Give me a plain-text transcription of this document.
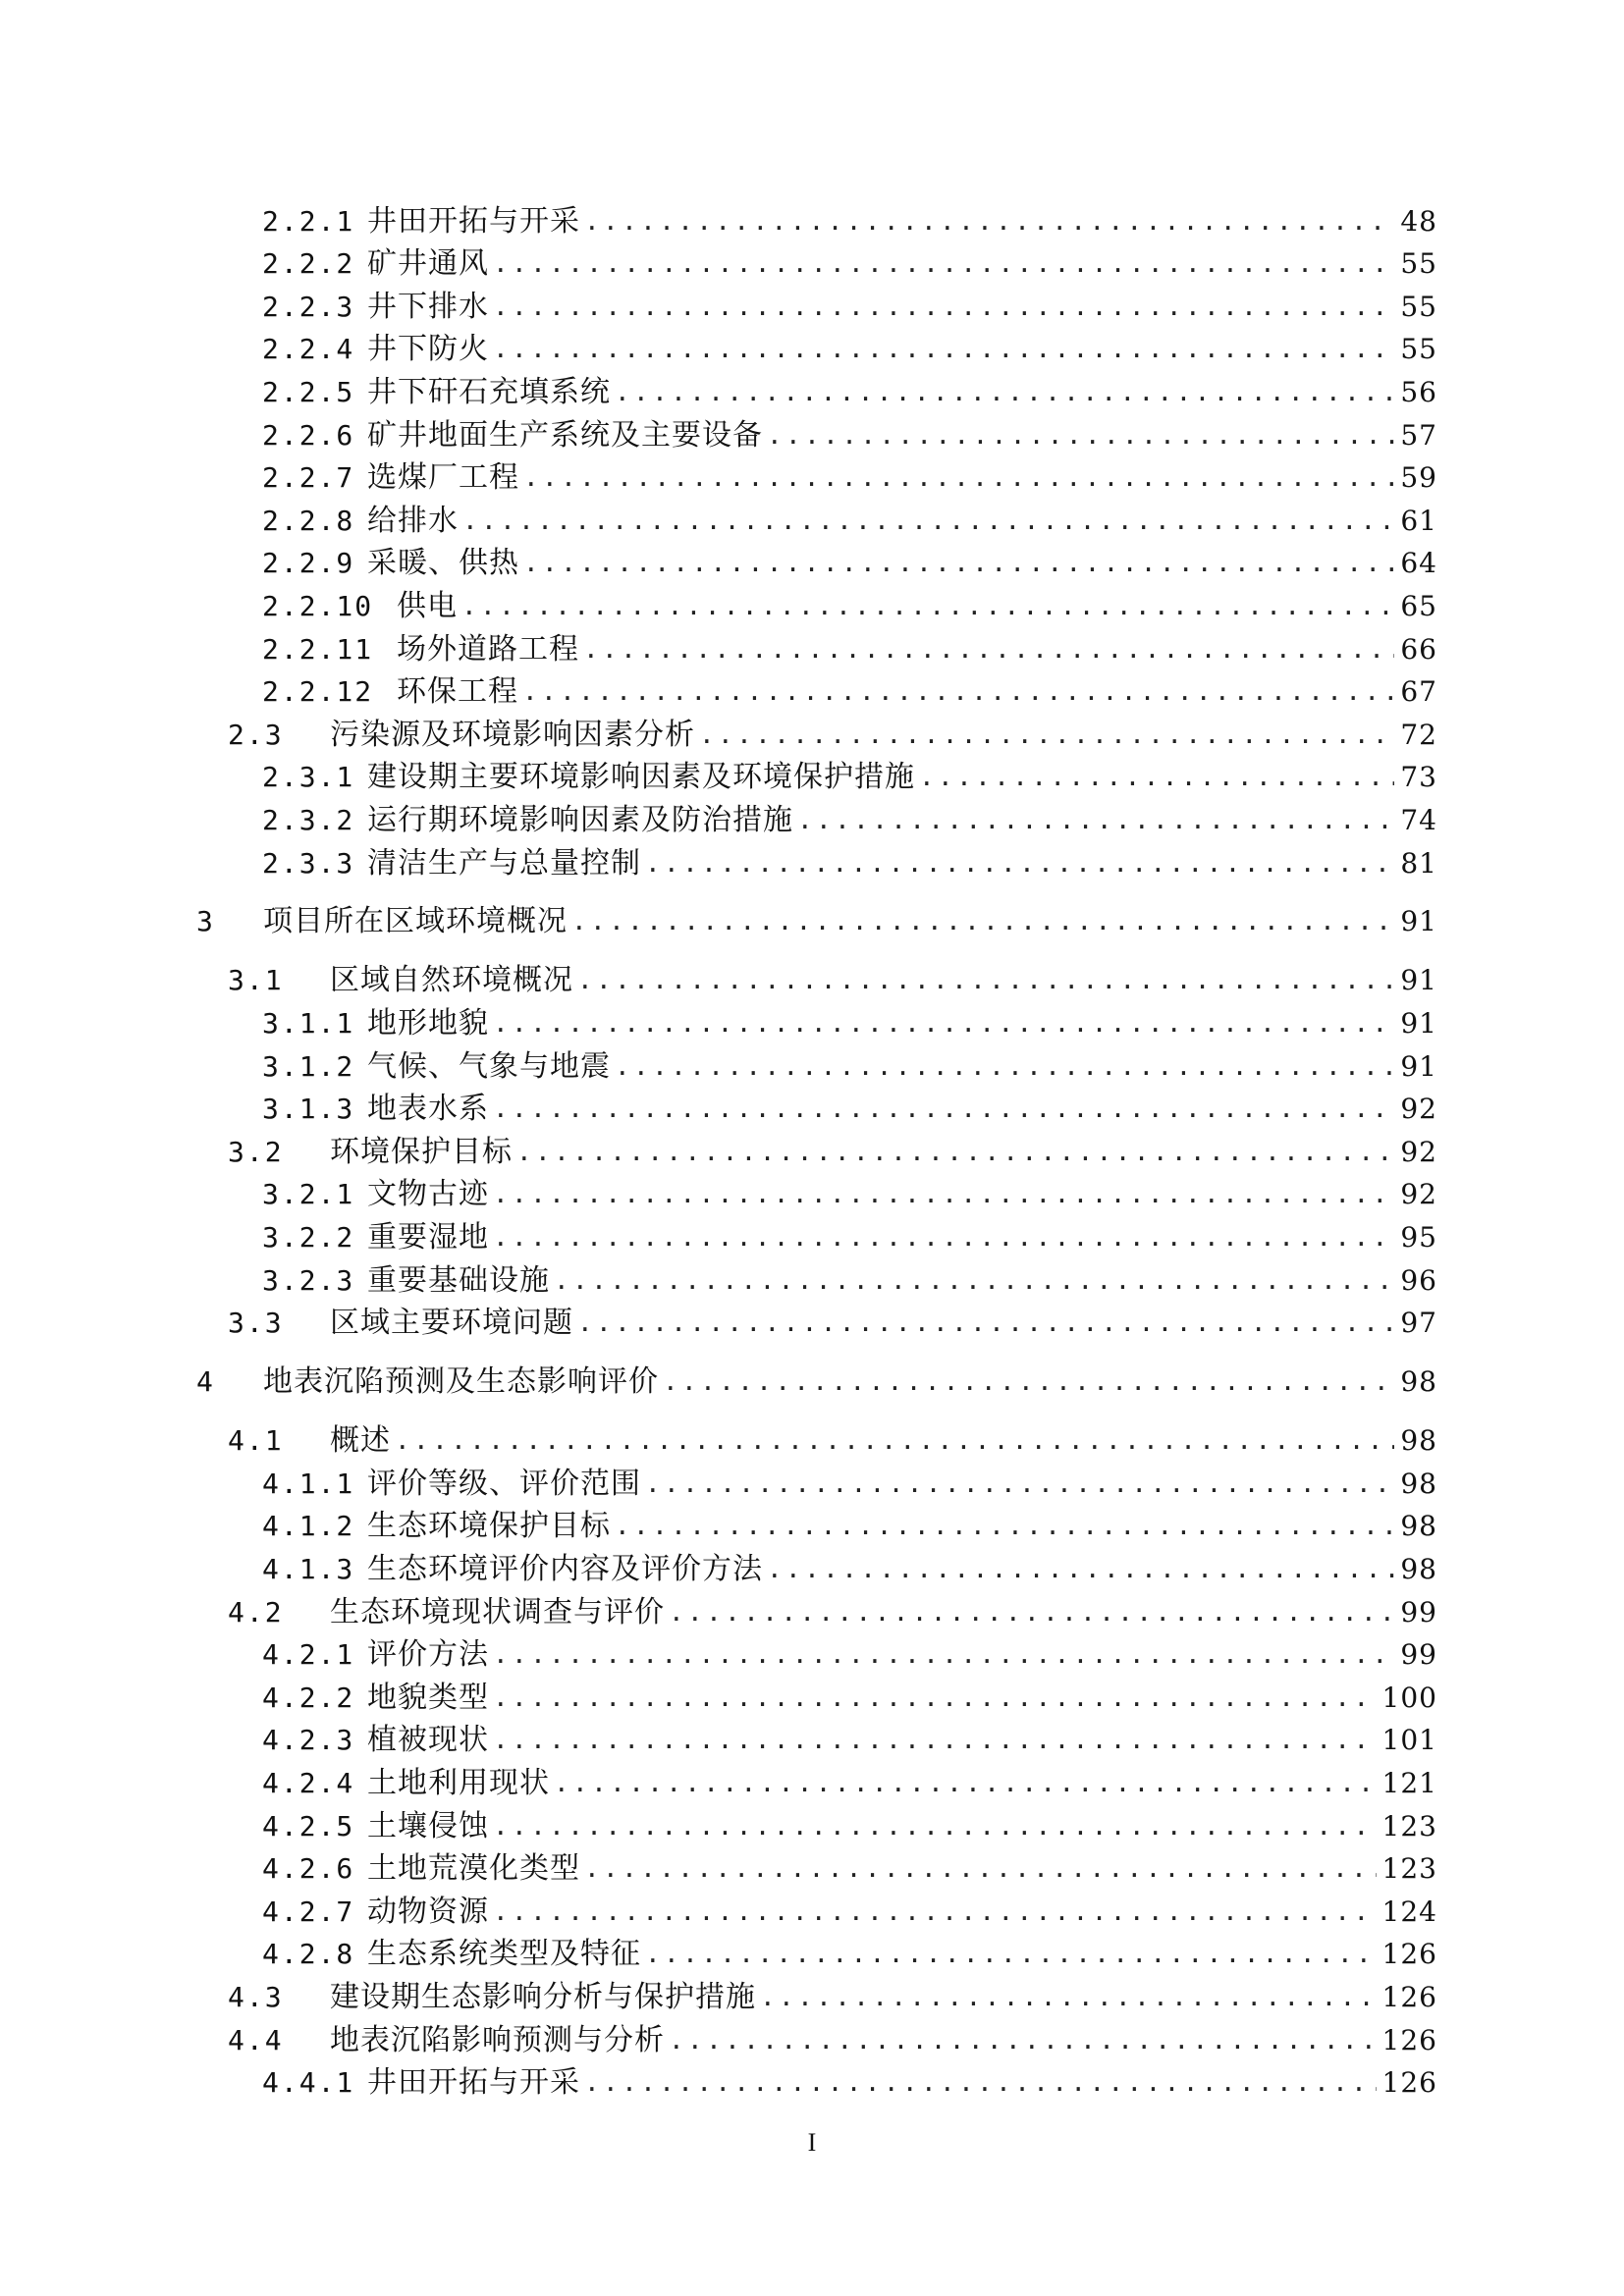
2.2.1 井田开拓与开采 .....	48
2.2.2 矿井通风 .....	55
2.2.3 井下排水 .....	55
2.2.4 井下防火 .....	55
2.2.5 井下矸石充填系统 .....	56
2.2.6 矿井地面生产系统及主要设备 .....	57
2.2.7 选煤厂工程 .....	59
2.2.8 给排水 .....	61
2.2.9 采暖、供热 .....	64
2.2.10 供电 .....	65
2.2.11 场外道路工程 .....	66
2.2.12 环保工程 .....	67
2.3	污染源及环境影响因素分析 .....	72
2.3.1 建设期主要环境影响因素及环境保护措施 .....	73
2.3.2 运行期环境影响因素及防治措施 .....	74
2.3.3 清洁生产与总量控制 .....	81
3	项目所在区域环境概况 .....	91
3.1	区域自然环境概况 .....	91
3.1.1 地形地貌 .....	91
3.1.2 气候、气象与地震 .....	91
3.1.3 地表水系 .....	92
3.2	环境保护目标 .....	92
3.2.1 文物古迹 .....	92
3.2.2 重要湿地 .....	95
3.2.3 重要基础设施 .....	96
3.3	区域主要环境问题 .....	97
4	地表沉陷预测及生态影响评价 .....	98
4.1	概述 .....	98
4.1.1 评价等级、评价范围 .....	98
4.1.2 生态环境保护目标 .....	98
4.1.3 生态环境评价内容及评价方法 .....	98
4.2	生态环境现状调查与评价 .....	99
4.2.1 评价方法 .....	99
4.2.2 地貌类型 .....	100
4.2.3 植被现状 .....	101
4.2.4 土地利用现状 .....	121
4.2.5 土壤侵蚀 .....	123
4.2.6 土地荒漠化类型 .....	123
4.2.7 动物资源 .....	124
4.2.8 生态系统类型及特征 .....	126
4.3	建设期生态影响分析与保护措施 .....	126
4.4	地表沉陷影响预测与分析 .....	126
4.4.1 井田开拓与开采 .....	126
I
